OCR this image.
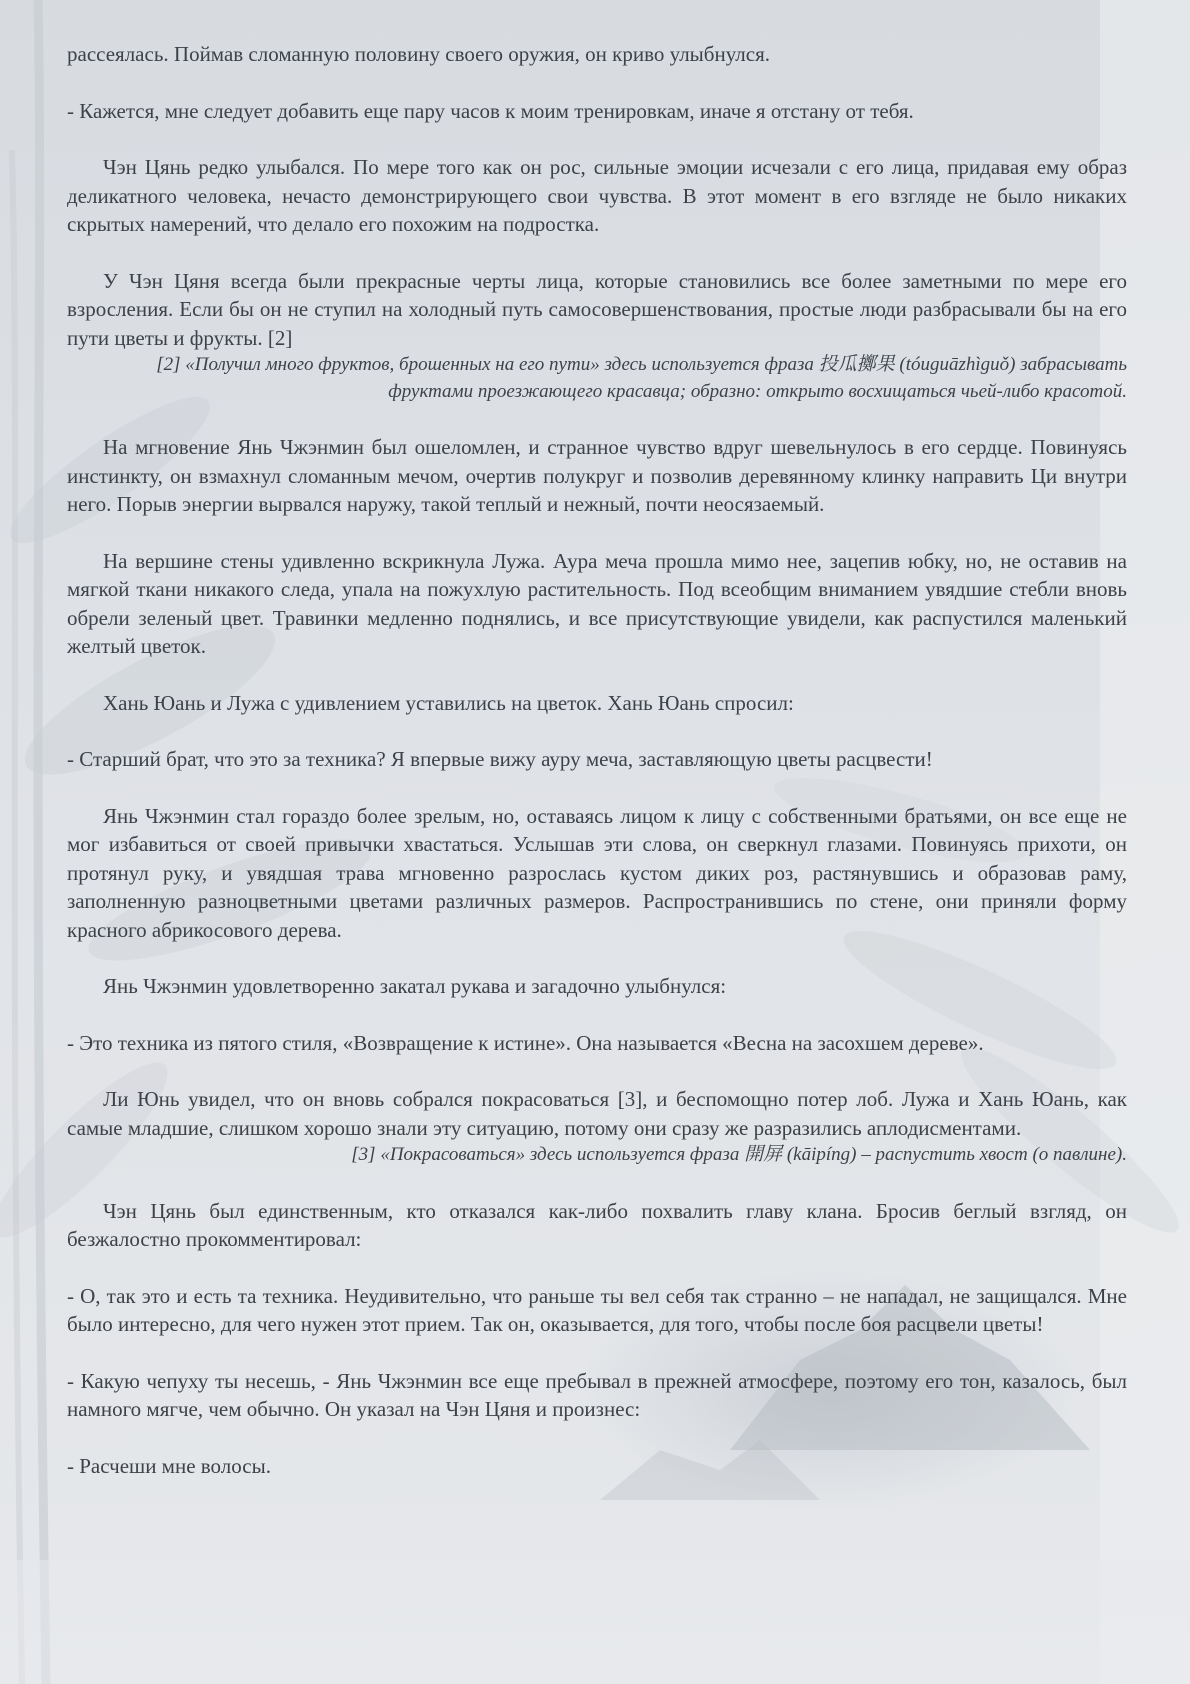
рассеялась. Поймав сломанную половину своего оружия, он криво улыбнулся.

- Кажется, мне следует добавить еще пару часов к моим тренировкам, иначе я отстану от тебя.

Чэн Цянь редко улыбался. По мере того как он рос, сильные эмоции исчезали с его лица, придавая ему образ деликатного человека, нечасто демонстрирующего свои чувства. В этот момент в его взгляде не было никаких скрытых намерений, что делало его похожим на подростка.

У Чэн Цяня всегда были прекрасные черты лица, которые становились все более заметными по мере его взросления. Если бы он не ступил на холодный путь самосовершенствования, простые люди разбрасывали бы на его пути цветы и фрукты. [2]

[2] «Получил много фруктов, брошенных на его пути» здесь используется фраза 投瓜擲果 (tóuguāzhìguǒ) забрасывать фруктами проезжающего красавца; образно: открыто восхищаться чьей-либо красотой.

На мгновение Янь Чжэнмин был ошеломлен, и странное чувство вдруг шевельнулось в его сердце. Повинуясь инстинкту, он взмахнул сломанным мечом, очертив полукруг и позволив деревянному клинку направить Ци внутри него. Порыв энергии вырвался наружу, такой теплый и нежный, почти неосязаемый.

На вершине стены удивленно вскрикнула Лужа. Аура меча прошла мимо нее, зацепив юбку, но, не оставив на мягкой ткани никакого следа, упала на пожухлую растительность. Под всеобщим вниманием увядшие стебли вновь обрели зеленый цвет. Травинки медленно поднялись, и все присутствующие увидели, как распустился маленький желтый цветок.

Хань Юань и Лужа с удивлением уставились на цветок. Хань Юань спросил:

- Старший брат, что это за техника? Я впервые вижу ауру меча, заставляющую цветы расцвести!

Янь Чжэнмин стал гораздо более зрелым, но, оставаясь лицом к лицу с собственными братьями, он все еще не мог избавиться от своей привычки хвастаться. Услышав эти слова, он сверкнул глазами. Повинуясь прихоти, он протянул руку, и увядшая трава мгновенно разрослась кустом диких роз, растянувшись и образовав раму, заполненную разноцветными цветами различных размеров. Распространившись по стене, они приняли форму красного абрикосового дерева.

Янь Чжэнмин удовлетворенно закатал рукава и загадочно улыбнулся:

- Это техника из пятого стиля, «Возвращение к истине». Она называется «Весна на засохшем дереве».

Ли Юнь увидел, что он вновь собрался покрасоваться [3], и беспомощно потер лоб. Лужа и Хань Юань, как самые младшие, слишком хорошо знали эту ситуацию, потому они сразу же разразились аплодисментами.

[3] «Покрасоваться» здесь используется фраза 開屏 (kāipíng) – распустить хвост (о павлине).

Чэн Цянь был единственным, кто отказался как-либо похвалить главу клана. Бросив беглый взгляд, он безжалостно прокомментировал:

- О, так это и есть та техника. Неудивительно, что раньше ты вел себя так странно – не нападал, не защищался. Мне было интересно, для чего нужен этот прием. Так он, оказывается, для того, чтобы после боя расцвели цветы!

- Какую чепуху ты несешь, - Янь Чжэнмин все еще пребывал в прежней атмосфере, поэтому его тон, казалось, был намного мягче, чем обычно. Он указал на Чэн Цяня и произнес:

- Расчеши мне волосы.
